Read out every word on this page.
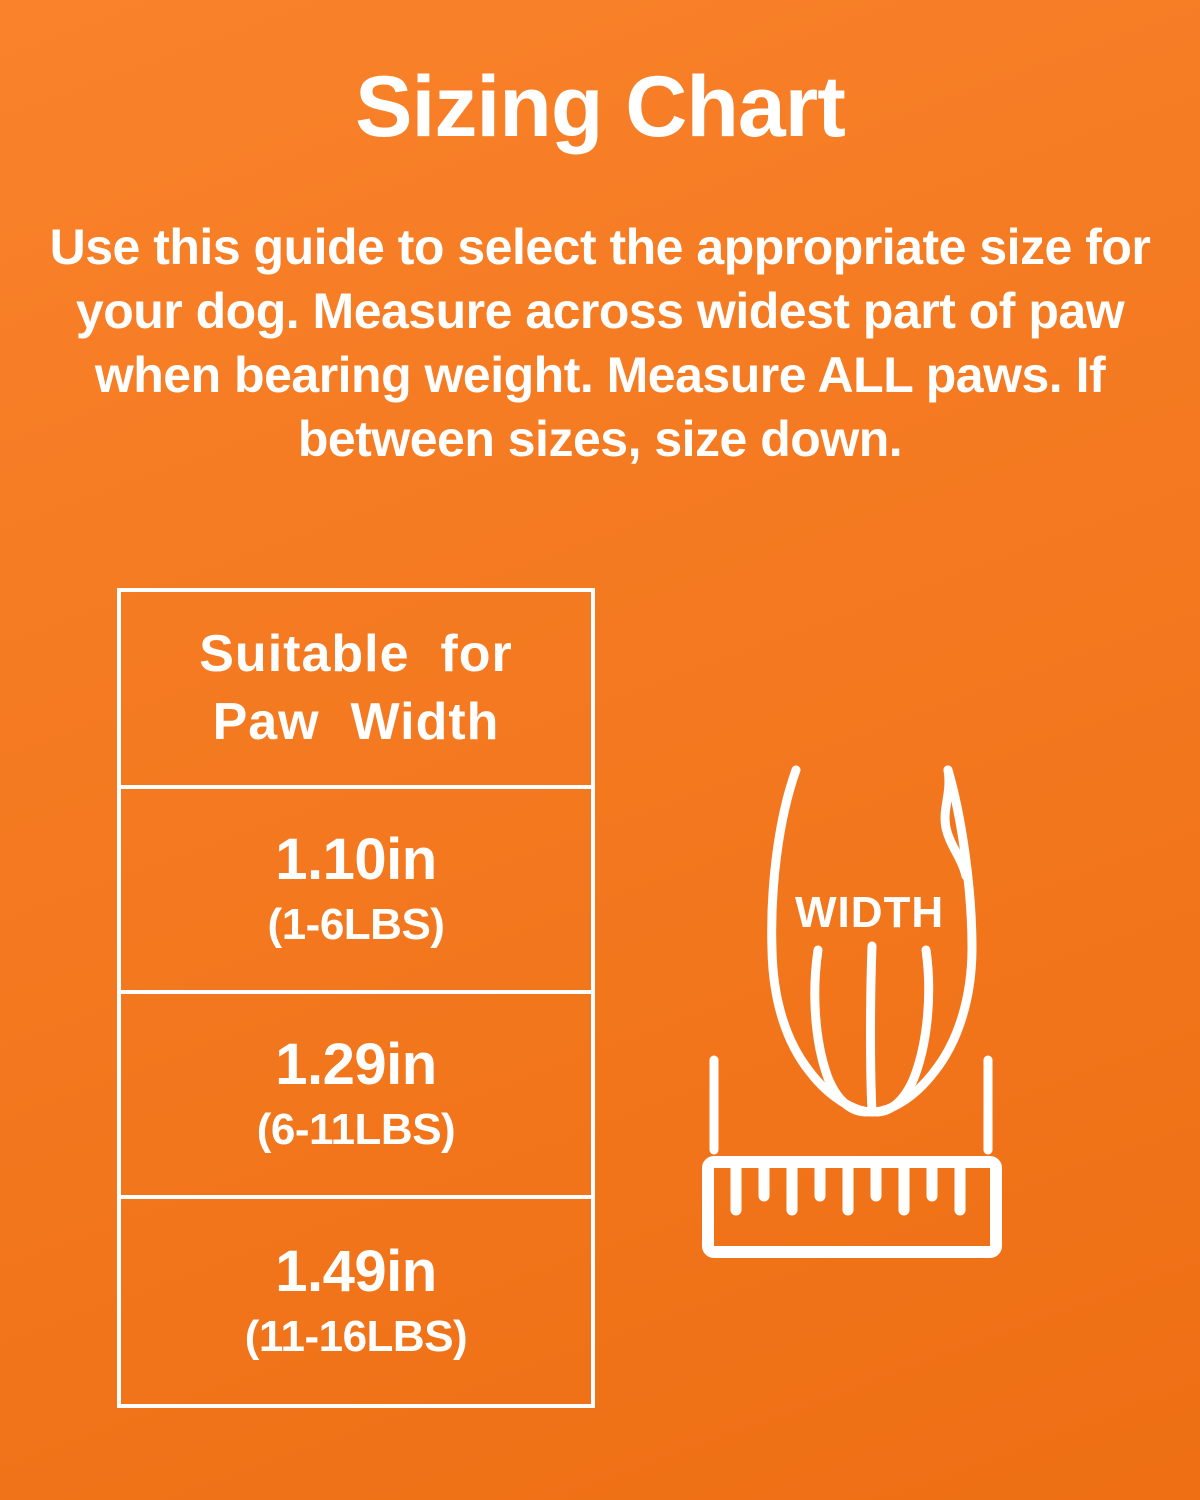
Sizing Chart
Use this guide to select the appropriate size for your dog. Measure across widest part of paw when bearing weight. Measure ALL paws. If between sizes, size down.
Suitable  for
Paw  Width
1.10in
(1-6LBS)
1.29in
(6-11LBS)
1.49in
(11-16LBS)
WIDTH
